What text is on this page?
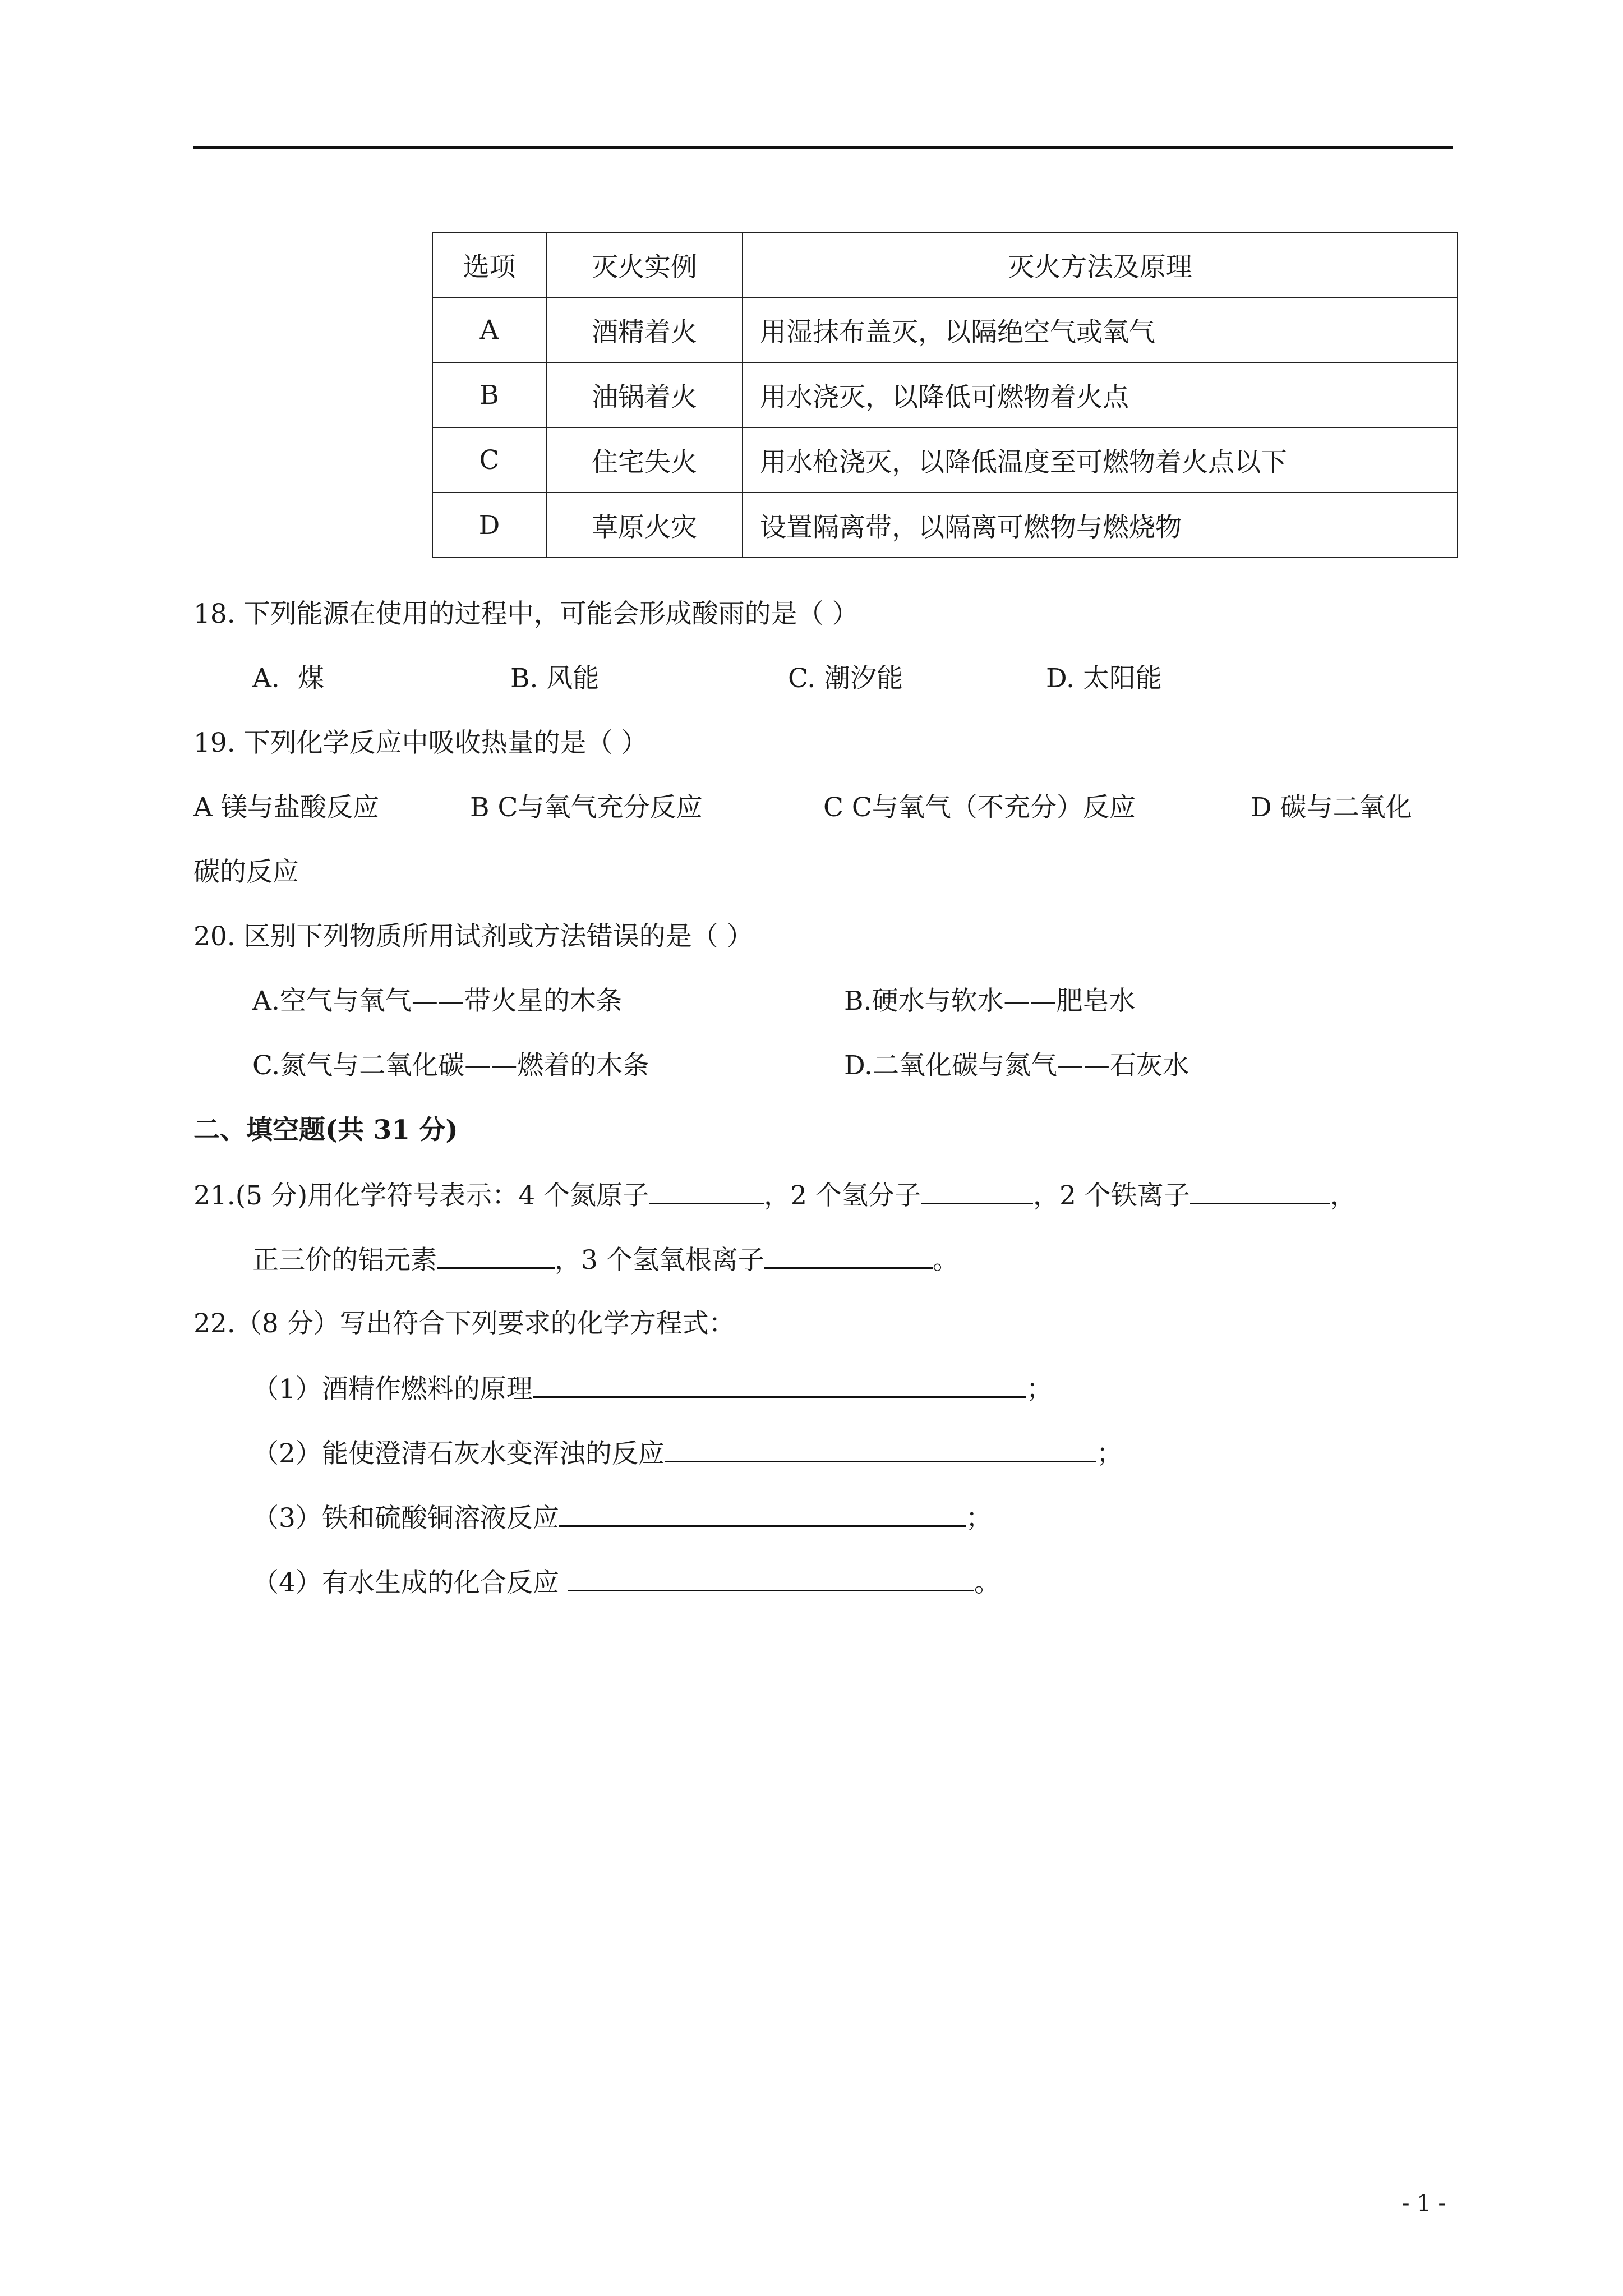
选项	灭火实例	灭火方法及原理
A	酒精着火	用湿抹布盖灭，以隔绝空气或氧气
B	油锅着火	用水浇灭，以降低可燃物着火点
C	住宅失火	用水枪浇灭，以降低温度至可燃物着火点以下
D	草原火灾	设置隔离带，以隔离可燃物与燃烧物
18. 下列能源在使用的过程中，可能会形成酸雨的是（ ）
A．煤	B. 风能	C. 潮汐能	D. 太阳能
19. 下列化学反应中吸收热量的是（ ）
A 镁与盐酸反应	B C与氧气充分反应	C C与氧气（不充分）反应	D 碳与二氧化
碳的反应
20. 区别下列物质所用试剂或方法错误的是（ ）
A.空气与氧气——带火星的木条	B.硬水与软水——肥皂水
C.氮气与二氧化碳——燃着的木条	D.二氧化碳与氮气——石灰水
二、填空题(共 31 分)
21.(5 分)用化学符号表示：4 个氮原子	，2 个氢分子	，2 个铁离子	，
正三价的铝元素	，3 个氢氧根离子	。
22.（8 分）写出符合下列要求的化学方程式：
（1）酒精作燃料的原理	；
（2）能使澄清石灰水变浑浊的反应	；
（3）铁和硫酸铜溶液反应	；
（4）有水生成的化合反应	。
- 1 -
